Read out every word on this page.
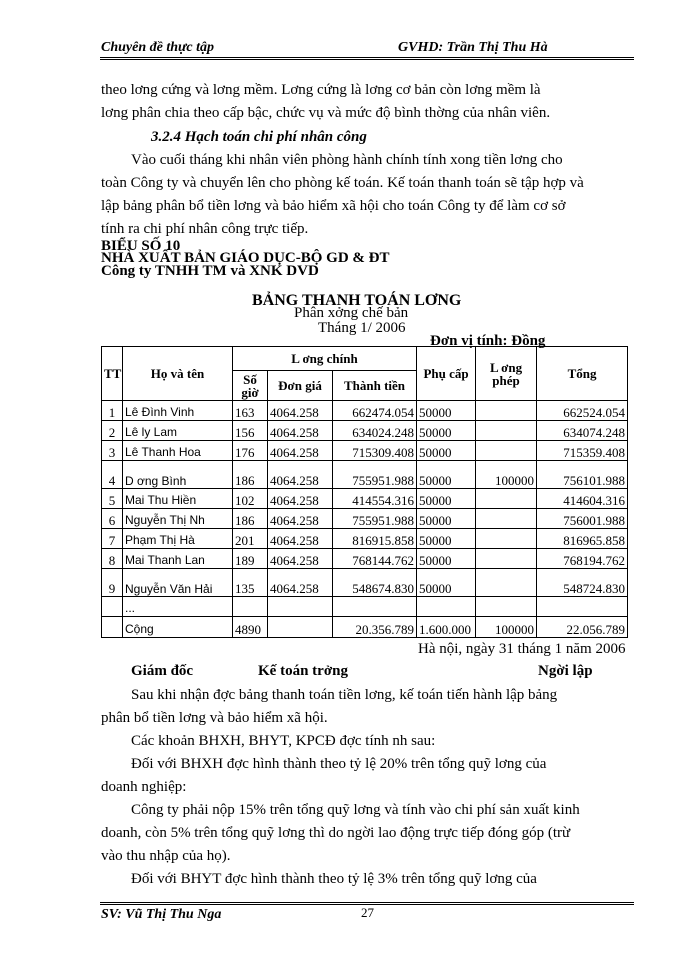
Chuyên đề thực tập	GVHD: Trần Thị Thu Hà
theo lơng cứng và lơng mềm. Lơng cứng là lơng cơ bản còn lơng mềm là
lơng phân chia theo cấp bậc, chức vụ và mức độ bình thờng của nhân viên.
3.2.4 Hạch toán chi phí nhân công
Vào cuối tháng khi nhân viên phòng hành chính tính xong tiền lơng cho
toàn Công ty và chuyển lên cho phòng kế toán. Kế toán thanh toán sẽ tập hợp và
lập bảng phân bổ tiền lơng và bảo hiểm xã hội cho toán Công ty để làm cơ sở
tính ra chi phí nhân công trực tiếp.
BIỂU SỐ 10
NHÀ XUẤT BẢN GIÁO DỤC-BỘ GD & ĐT
Công ty TNHH TM và XNK DVD
BẢNG THANH TOÁN LƠNG
Phân xởng chế bản
Tháng 1/ 2006
Đơn vị tính: Đồng
TT	Họ và tên	L ơng chính			Phụ cấp	L ơng phép	Tổng
		Số giờ	Đơn giá	Thành tiền			
1	Lê Đình Vinh	163	4064.258	662474.054	50000		662524.054
2	Lê ly Lam	156	4064.258	634024.248	50000		634074.248
3	Lê Thanh Hoa	176	4064.258	715309.408	50000		715359.408
4	D ơng Bình	186	4064.258	755951.988	50000	100000	756101.988
5	Mai Thu Hiền	102	4064.258	414554.316	50000		414604.316
6	Nguyễn Thị Nh	186	4064.258	755951.988	50000		756001.988
7	Phạm Thị Hà	201	4064.258	816915.858	50000		816965.858
8	Mai Thanh Lan	189	4064.258	768144.762	50000		768194.762
9	Nguyễn Văn Hải	135	4064.258	548674.830	50000		548724.830
	...						
	Cộng	4890		20.356.789	1.600.000	100000	22.056.789
Hà nội, ngày 31 tháng 1 năm 2006
Giám đốc	Kế toán trởng	Ngời lập
Sau khi nhận đợc bảng thanh toán tiền lơng, kế toán tiến hành lập bảng
phân bổ tiền lơng và bảo hiểm xã hội.
Các khoản BHXH, BHYT, KPCĐ đợc tính nh sau:
Đối với BHXH đợc hình thành theo tỷ lệ 20% trên tổng quỹ lơng của
doanh nghiệp:
Công ty phải nộp 15% trên tổng quỹ lơng và tính vào chi phí sản xuất kinh
doanh, còn 5% trên tổng quỹ lơng thì do ngời lao động trực tiếp đóng góp (trừ
vào thu nhập của họ).
Đối với BHYT đợc hình thành theo tỷ lệ 3% trên tổng quỹ lơng của
SV: Vũ Thị Thu Nga	27
